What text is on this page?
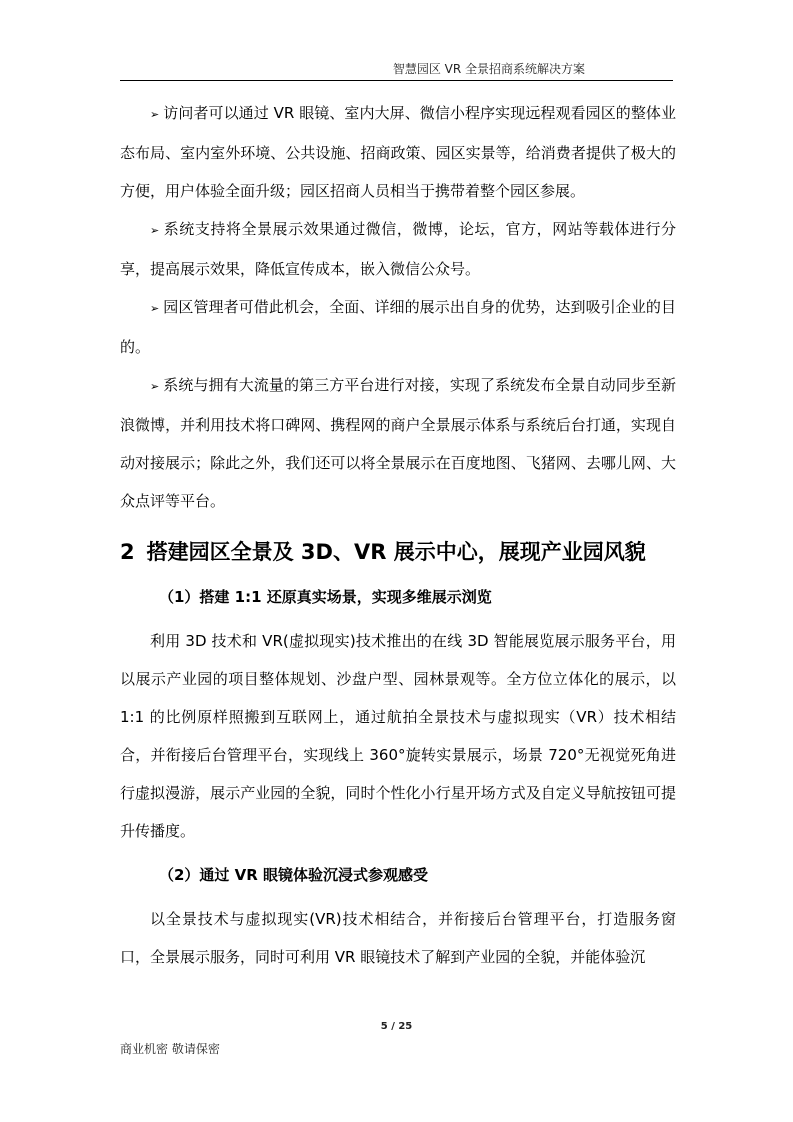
智慧园区 VR 全景招商系统解决方案

➢ 访问者可以通过 VR 眼镜、室内大屏、微信小程序实现远程观看园区的整体业态布局、室内室外环境、公共设施、招商政策、园区实景等，给消费者提供了极大的方便，用户体验全面升级；园区招商人员相当于携带着整个园区参展。

➢ 系统支持将全景展示效果通过微信，微博，论坛，官方，网站等载体进行分享，提高展示效果，降低宣传成本，嵌入微信公众号。

➢ 园区管理者可借此机会，全面、详细的展示出自身的优势，达到吸引企业的目的。

➢ 系统与拥有大流量的第三方平台进行对接，实现了系统发布全景自动同步至新浪微博，并利用技术将口碑网、携程网的商户全景展示体系与系统后台打通，实现自动对接展示；除此之外，我们还可以将全景展示在百度地图、飞猪网、去哪儿网、大众点评等平台。

2 搭建园区全景及 3D、VR 展示中心，展现产业园风貌
（1）搭建 1:1 还原真实场景，实现多维展示浏览

利用 3D 技术和 VR(虚拟现实)技术推出的在线 3D 智能展览展示服务平台，用以展示产业园的项目整体规划、沙盘户型、园林景观等。全方位立体化的展示，以 1:1 的比例原样照搬到互联网上，通过航拍全景技术与虚拟现实（VR）技术相结合，并衔接后台管理平台，实现线上 360°旋转实景展示，场景 720°无视觉死角进行虚拟漫游，展示产业园的全貌，同时个性化小行星开场方式及自定义导航按钮可提升传播度。

（2）通过 VR 眼镜体验沉浸式参观感受

以全景技术与虚拟现实(VR)技术相结合，并衔接后台管理平台，打造服务窗口，全景展示服务，同时可利用 VR 眼镜技术了解到产业园的全貌，并能体验沉

5 / 25
商业机密 敬请保密
